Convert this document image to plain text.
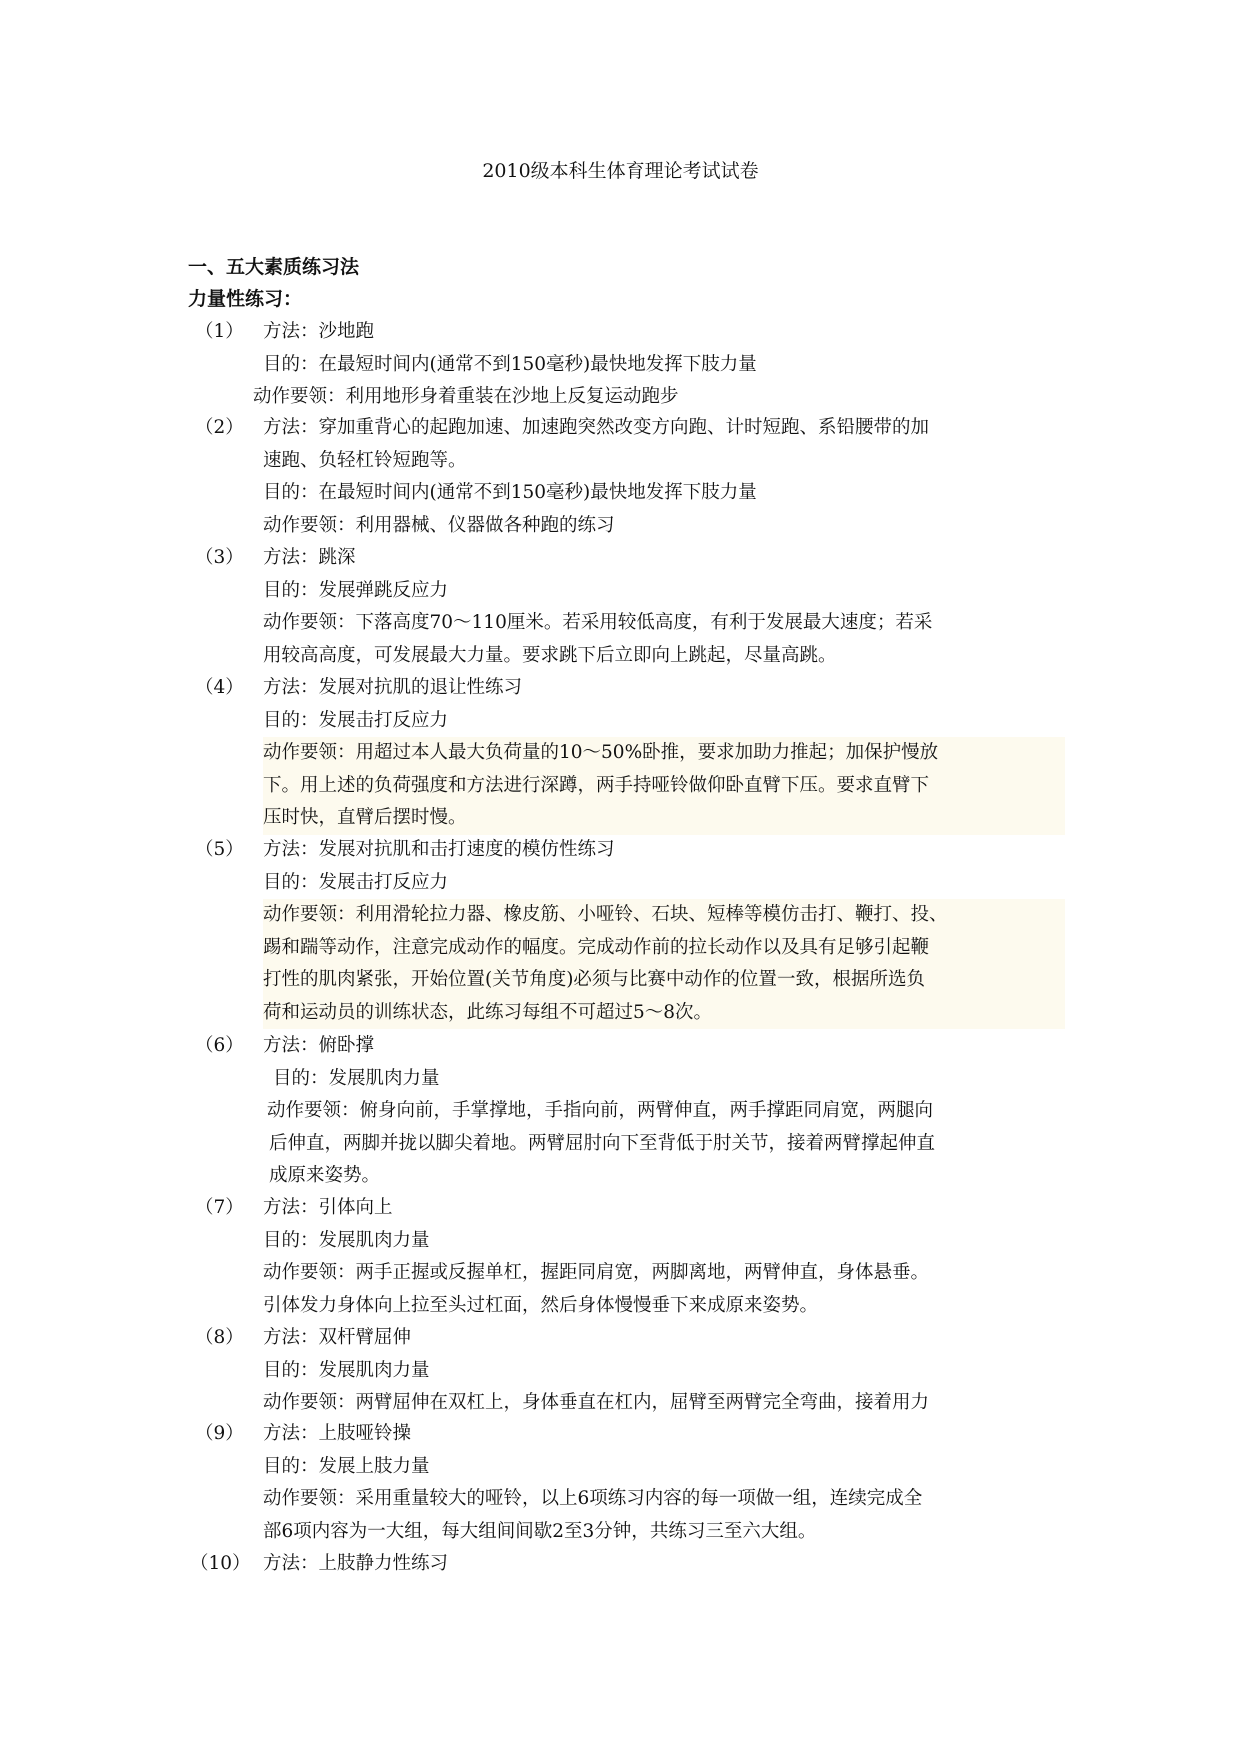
2010级本科生体育理论考试试卷
一、五大素质练习法
力量性练习：
（1） 方法：沙地跑
目的：在最短时间内(通常不到150毫秒)最快地发挥下肢力量
动作要领：利用地形身着重装在沙地上反复运动跑步
（2） 方法：穿加重背心的起跑加速、加速跑突然改变方向跑、计时短跑、系铅腰带的加
速跑、负轻杠铃短跑等。
目的：在最短时间内(通常不到150毫秒)最快地发挥下肢力量
动作要领：利用器械、仪器做各种跑的练习
（3） 方法：跳深
目的：发展弹跳反应力
动作要领：下落高度70～110厘米。若采用较低高度，有利于发展最大速度；若采
用较高高度，可发展最大力量。要求跳下后立即向上跳起，尽量高跳。
（4） 方法：发展对抗肌的退让性练习
目的：发展击打反应力
动作要领：用超过本人最大负荷量的10～50%卧推，要求加助力推起；加保护慢放
下。用上述的负荷强度和方法进行深蹲，两手持哑铃做仰卧直臂下压。要求直臂下
压时快，直臂后摆时慢。
（5） 方法：发展对抗肌和击打速度的模仿性练习
目的：发展击打反应力
动作要领：利用滑轮拉力器、橡皮筋、小哑铃、石块、短棒等模仿击打、鞭打、投、
踢和踹等动作，注意完成动作的幅度。完成动作前的拉长动作以及具有足够引起鞭
打性的肌肉紧张，开始位置(关节角度)必须与比赛中动作的位置一致，根据所选负
荷和运动员的训练状态，此练习每组不可超过5～8次。
（6） 方法：俯卧撑
目的：发展肌肉力量
动作要领：俯身向前，手掌撑地，手指向前，两臂伸直，两手撑距同肩宽，两腿向
后伸直，两脚并拢以脚尖着地。两臂屈肘向下至背低于肘关节，接着两臂撑起伸直
成原来姿势。
（7） 方法：引体向上
目的：发展肌肉力量
动作要领：两手正握或反握单杠，握距同肩宽，两脚离地，两臂伸直，身体悬垂。
引体发力身体向上拉至头过杠面，然后身体慢慢垂下来成原来姿势。
（8） 方法：双杆臂屈伸
目的：发展肌肉力量
动作要领：两臂屈伸在双杠上，身体垂直在杠内，屈臂至两臂完全弯曲，接着用力
（9） 方法：上肢哑铃操
目的：发展上肢力量
动作要领：采用重量较大的哑铃，以上6项练习内容的每一项做一组，连续完成全
部6项内容为一大组，每大组间间歇2至3分钟，共练习三至六大组。
（10） 方法：上肢静力性练习
